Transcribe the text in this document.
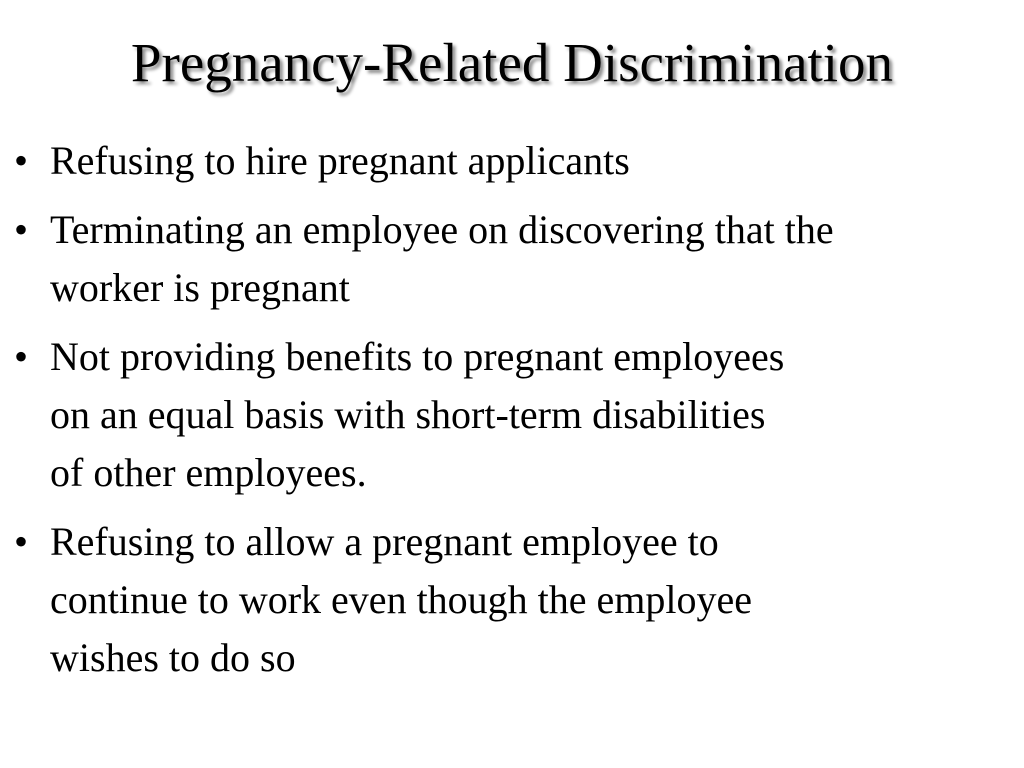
Pregnancy-Related Discrimination
• Refusing to hire pregnant applicants
• Terminating an employee on discovering that the
worker is pregnant
• Not providing benefits to pregnant employees
on an equal basis with short-term disabilities
of other employees.
• Refusing to allow a pregnant employee to
continue to work even though the employee
wishes to do so
